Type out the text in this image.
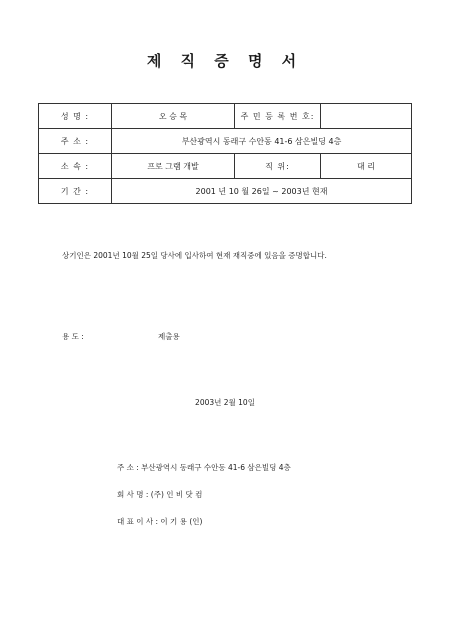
제 직 증 명 서
성 명 :	오 승 목	주 민 등 록 번 호:	
주 소 :	부산광역시 동래구 수안동 41-6 삼은빌딩 4층		
소 속 :	프로 그램 개발	직 위:	대 리
기 간 :	2001 년 10 월 26일 ~ 2003년 현재		
상기인은 2001년 10월 25일 당사에 입사하여 현재 재직중에 있음을 증명합니다.
용 도 :	제출용
2003년 2월 10일
주 소 : 부산광역시 동래구 수안동 41-6 삼은빌딩 4층
회 사 명 : (주) 인 비 닷 컴
대 표 이 사 : 이 기 용 (인)
